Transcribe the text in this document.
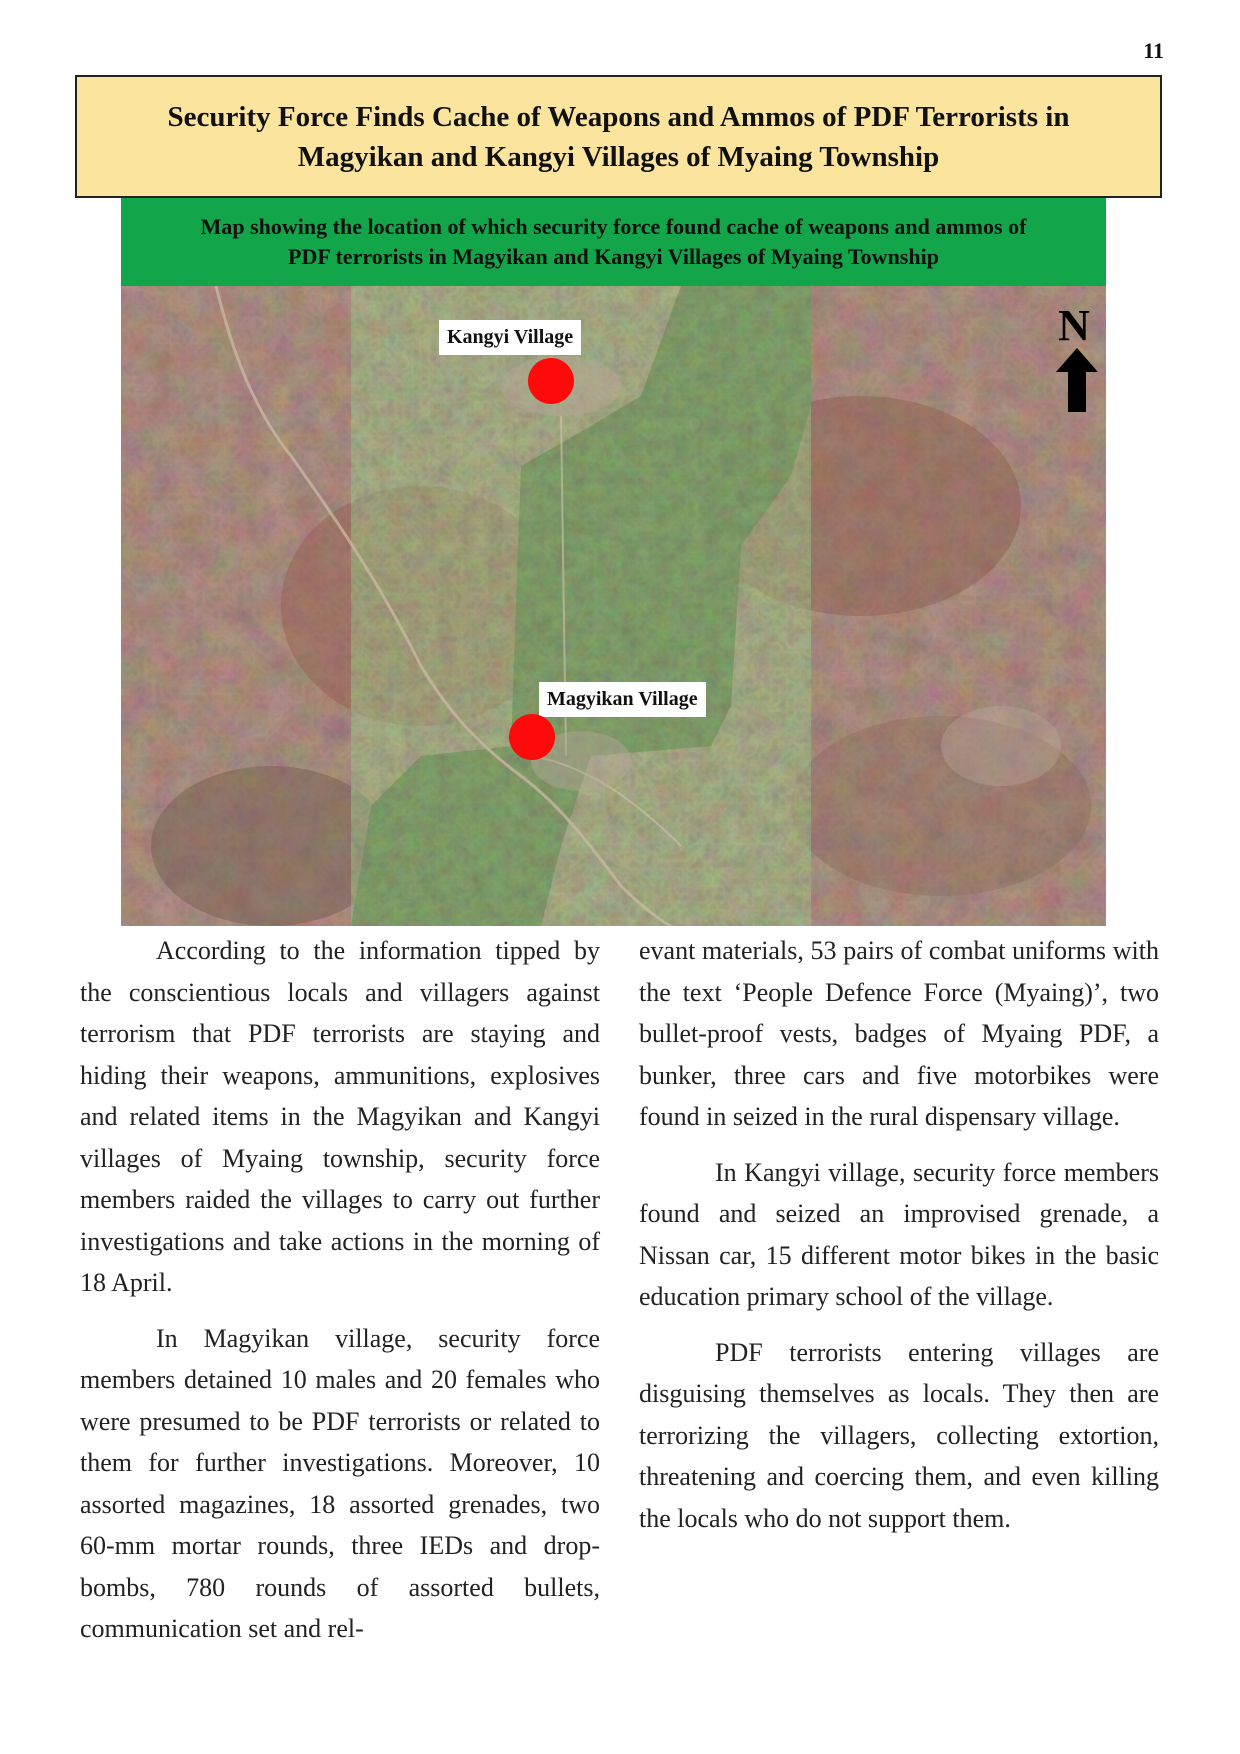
11
Security Force Finds Cache of Weapons and Ammos of PDF Terrorists in
Magyikan and Kangyi Villages of Myaing Township
Map showing the location of which security force found cache of weapons and ammos of
PDF terrorists in Magyikan and Kangyi Villages of Myaing Township
Kangyi Village
Magyikan Village
N

According to the information tipped by the conscientious locals and villagers against terrorism that PDF terrorists are staying and hiding their weapons, ammunitions, explosives and related items in the Magyikan and Kangyi villages of Myaing township, security force members raided the villages to carry out further investigations and take actions in the morning of 18 April.

In Magyikan village, security force members detained 10 males and 20 females who were presumed to be PDF terrorists or related to them for further investigations. Moreover, 10 assorted magazines, 18 assorted grenades, two 60-mm mortar rounds, three IEDs and drop-bombs, 780 rounds of assorted bullets, communication set and rel-

evant materials, 53 pairs of combat uniforms with the text ‘People Defence Force (Myaing)’, two bullet-proof vests, badges of Myaing PDF, a bunker, three cars and five motorbikes were found in seized in the rural dispensary village.

In Kangyi village, security force members found and seized an improvised grenade, a Nissan car, 15 different motor bikes in the basic education primary school of the village.

PDF terrorists entering villages are disguising themselves as locals. They then are terrorizing the villagers, collecting extortion, threatening and coercing them, and even killing the locals who do not support them.
